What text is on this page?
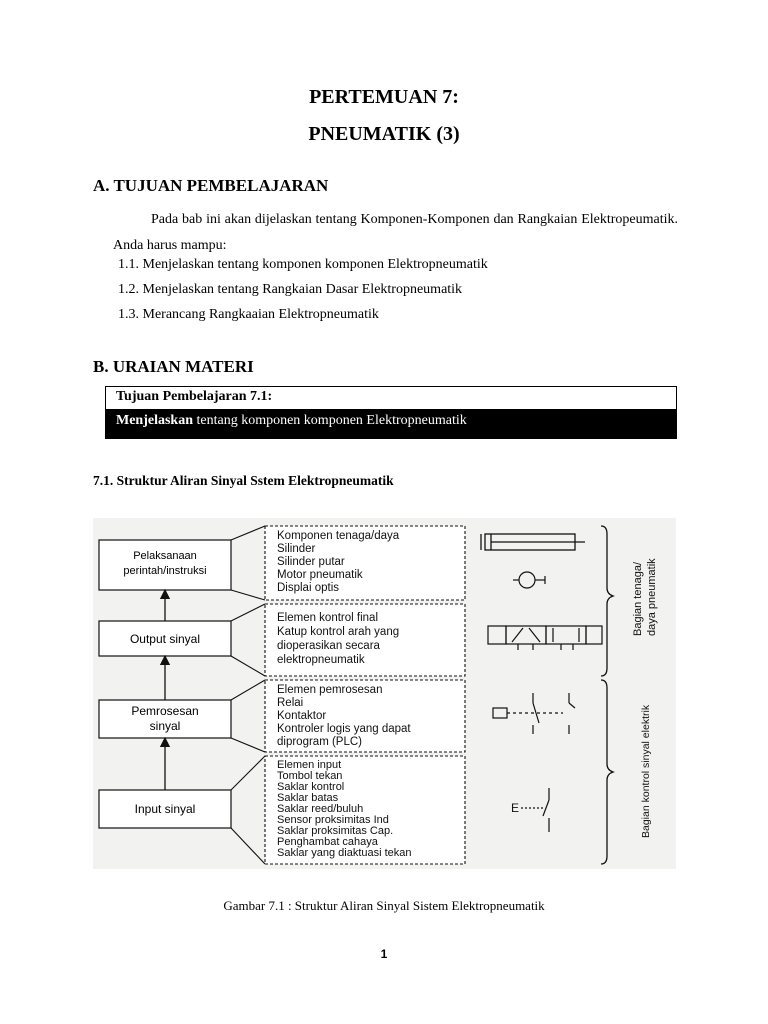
PERTEMUAN 7:
PNEUMATIK (3)
A. TUJUAN PEMBELAJARAN
Pada bab ini akan dijelaskan tentang Komponen-Komponen dan Rangkaian Elektropeumatik. Anda harus mampu:
1.1. Menjelaskan tentang komponen komponen Elektropneumatik
1.2. Menjelaskan tentang Rangkaian Dasar Elektropneumatik
1.3. Merancang Rangkaaian Elektropneumatik
B. URAIAN MATERI
Tujuan Pembelajaran 7.1:
Menjelaskan tentang komponen komponen Elektropneumatik
7.1. Struktur Aliran Sinyal Sstem Elektropneumatik
Pelaksanaan
perintah/instruksi
Output sinyal
Pemrosesan
sinyal
Input sinyal
Komponen tenaga/daya
Silinder
Silinder putar
Motor pneumatik
Displai optis
Elemen kontrol final
Katup kontrol arah yang
dioperasikan secara
elektropneumatik
Elemen pemrosesan
Relai
Kontaktor
Kontroler logis yang dapat
diprogram (PLC)
Elemen input
Tombol tekan
Saklar kontrol
Saklar batas
Saklar reed/buluh
Sensor proksimitas Ind
Saklar proksimitas Cap.
Penghambat cahaya
Saklar yang diaktuasi tekan
E
Bagian tenaga/ daya pneumatik
Bagian kontrol sinyal elektrik
Gambar 7.1 : Struktur Aliran Sinyal Sistem Elektropneumatik
1
